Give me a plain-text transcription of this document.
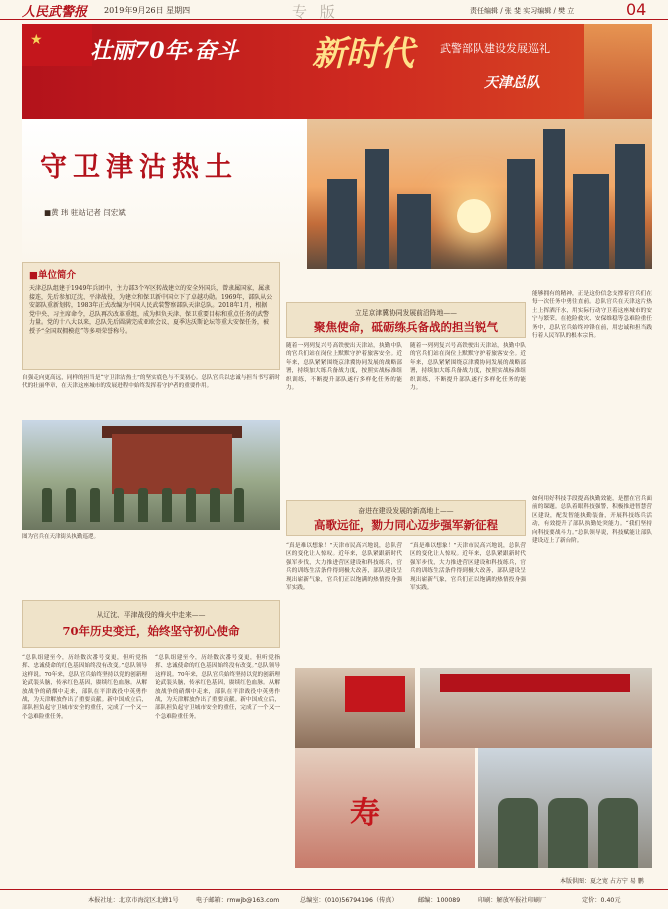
人民武警报 2019年9月26日 星期四	专 版	责任编辑 / 张 斐 实习编辑 / 樊 立	04
★ 壮丽70年·奋斗 新时代 武警部队建设发展巡礼
天津总队
守卫津沽热土
■黄 玮 驻站记者 闫宏斌
■单位简介
天津总队组建于1949年兵团中，主力部3个军区转战建立的安全外国兵，曾隶属国家，属隶接连，先后参加辽沈、平津战役，为建立和保卫新中国立下了卓越功勋。1969年，部队从公安部队重新划转，1983年正式改编为中国人民武装警察部队天津总队。2018年1月，根据党中央、习主席命令，总队再次改革重组，成为担负天津、保卫重要目标和重点任务的武警力量。党的十八大以来，总队先后圆满完成亚欧会议、夏季达沃斯论坛等重大安保任务，被授予“全国双拥模范”等多项荣誉称号。
自强走向更高远，同样的担当是“守卫津沽热土”的坚实底色与不变初心。总队官兵以忠诚与担当书写新时代的壮丽华章，在天津这座城市的发展进程中始终发挥着守护者的重要作用。
从辽沈、平津战役的烽火中走来——
70年历史变迁，始终坚守初心使命
“总队组建至今，历经数次番号变更，但听党指挥、忠诚使命的红色基因始终没有改变。”总队领导这样说。70年来，总队官兵始终坚持以党的创新理论武装头脑，传承红色基因，赓续红色血脉。从解放战争的硝烟中走来，部队在平津战役中英勇作战，为天津解放作出了重要贡献。新中国成立后，部队担负起守卫城市安全的重任，完成了一个又一个急难险重任务。
“总队组建至今，历经数次番号变更，但听党指挥、忠诚使命的红色基因始终没有改变。”总队领导这样说。70年来，总队官兵始终坚持以党的创新理论武装头脑，传承红色基因，赓续红色血脉。从解放战争的硝烟中走来，部队在平津战役中英勇作战，为天津解放作出了重要贡献。新中国成立后，部队担负起守卫城市安全的重任，完成了一个又一个急难险重任务。
立足京津冀协同发展前沿阵地——
聚焦使命，砥砺练兵备战的担当锐气
随着一列列复兴号高铁驶出天津站，执勤中队的官兵们站在岗位上默默守护着旅客安全。近年来，总队紧紧围绕京津冀协同发展的战略部署，持续加大练兵备战力度，按照实战标准组织训练，不断提升部队遂行多样化任务的能力。
随着一列列复兴号高铁驶出天津站，执勤中队的官兵们站在岗位上默默守护着旅客安全。近年来，总队紧紧围绕京津冀协同发展的战略部署，持续加大练兵备战力度，按照实战标准组织训练，不断提升部队遂行多样化任务的能力。
奋进在建设发展的新高地上——
高歌远征，勠力同心迈步强军新征程
“真是难以想象！”天津市民高兴地说，总队营区的变化让人惊叹。近年来，总队紧跟新时代强军步伐，大力推进营区建设和科技练兵，官兵的训练生活条件得到极大改善，部队建设呈现出崭新气象，官兵们正以饱满的热情投身强军实践。
“真是难以想象！”天津市民高兴地说，总队营区的变化让人惊叹。近年来，总队紧跟新时代强军步伐，大力推进营区建设和科技练兵，官兵的训练生活条件得到极大改善，部队建设呈现出崭新气象，官兵们正以饱满的热情投身强军实践。
能够拥有的精神，正是这份信念支撑着官兵们在每一次任务中勇往直前。总队官兵在天津这片热土上挥洒汗水，用实际行动守卫着这座城市的安宁与繁荣。在抢险救灾、安保维稳等急难险重任务中，总队官兵始终冲锋在前，用忠诚和担当践行着人民军队的根本宗旨。
如何用好科技手段提高执勤效能，是摆在官兵面前的课题。总队着眼科技强警，积极推进智慧营区建设，配发智能执勤装备，开展科技练兵活动，有效提升了部队执勤处突能力。“我们坚持向科技要战斗力。”总队领导说，科技赋能让部队建设迈上了新台阶。
寿
图为官兵在天津街头执勤巡逻。
本版供图：夏之宽 占方宁 易 鹏
本报社址：北京市海淀区北蜂1号	电子邮箱：rmwjb@163.com	总编室：(010)56794196（传真）	邮编：100089	印刷：解放军报社印刷厂	定价：0.40元
